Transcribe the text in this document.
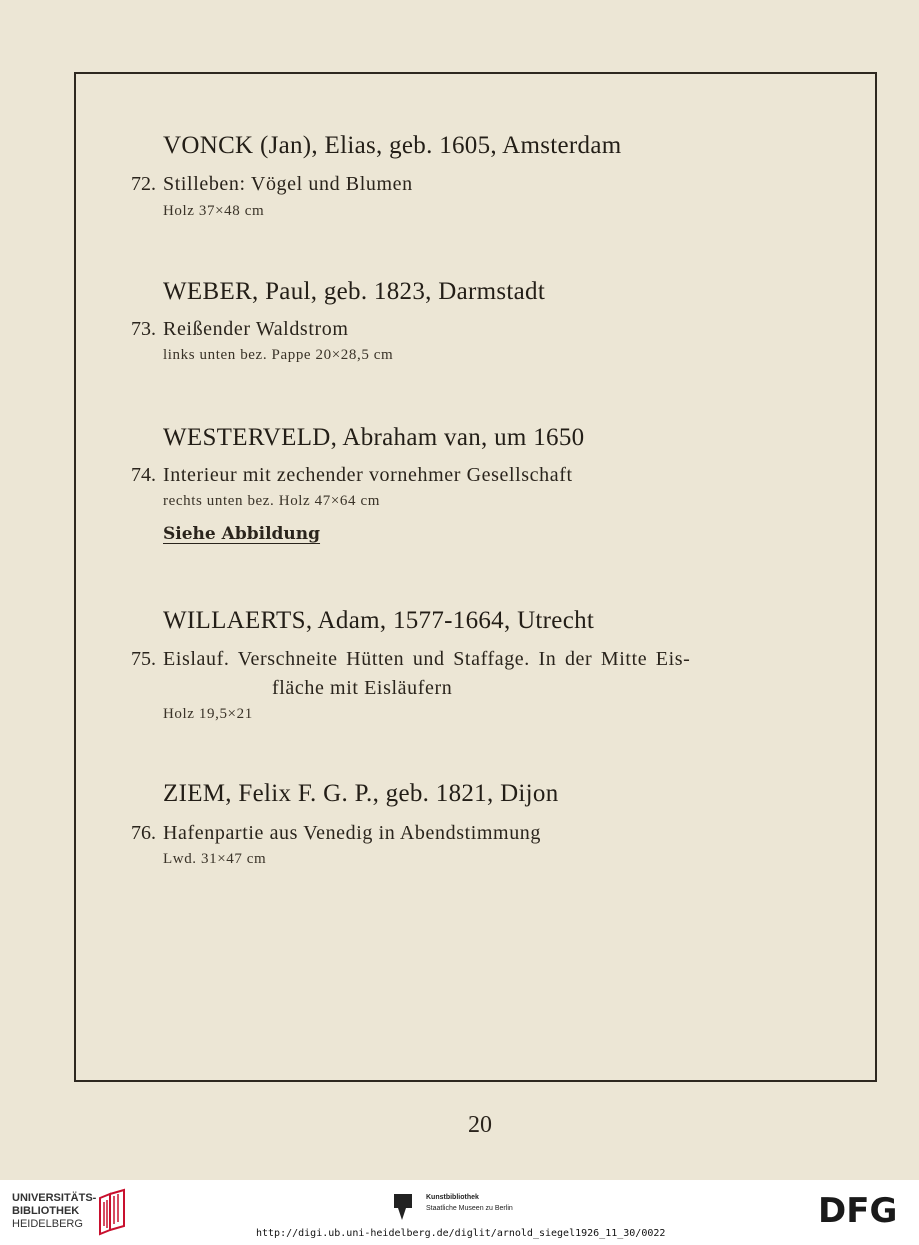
VONCK (Jan), Elias, geb. 1605, Amsterdam
72. Stilleben: Vögel und Blumen
Holz 37×48 cm
WEBER, Paul, geb. 1823, Darmstadt
73. Reißender Waldstrom
links unten bez. Pappe 20×28,5 cm
WESTERVELD, Abraham van, um 1650
74. Interieur mit zechender vornehmer Gesellschaft
rechts unten bez. Holz 47×64 cm
Siehe Abbildung
WILLAERTS, Adam, 1577-1664, Utrecht
75. Eislauf. Verschneite Hütten und Staffage. In der Mitte Eis-
fläche mit Eisläufern
Holz 19,5×21
ZIEM, Felix F. G. P., geb. 1821, Dijon
76. Hafenpartie aus Venedig in Abendstimmung
Lwd. 31×47 cm
20
UNIVERSITÄTS-
BIBLIOTHEK
HEIDELBERG
Kunstbibliothek
Staatliche Museen zu Berlin	DFG
http://digi.ub.uni-heidelberg.de/diglit/arnold_siegel1926_11_30/0022
